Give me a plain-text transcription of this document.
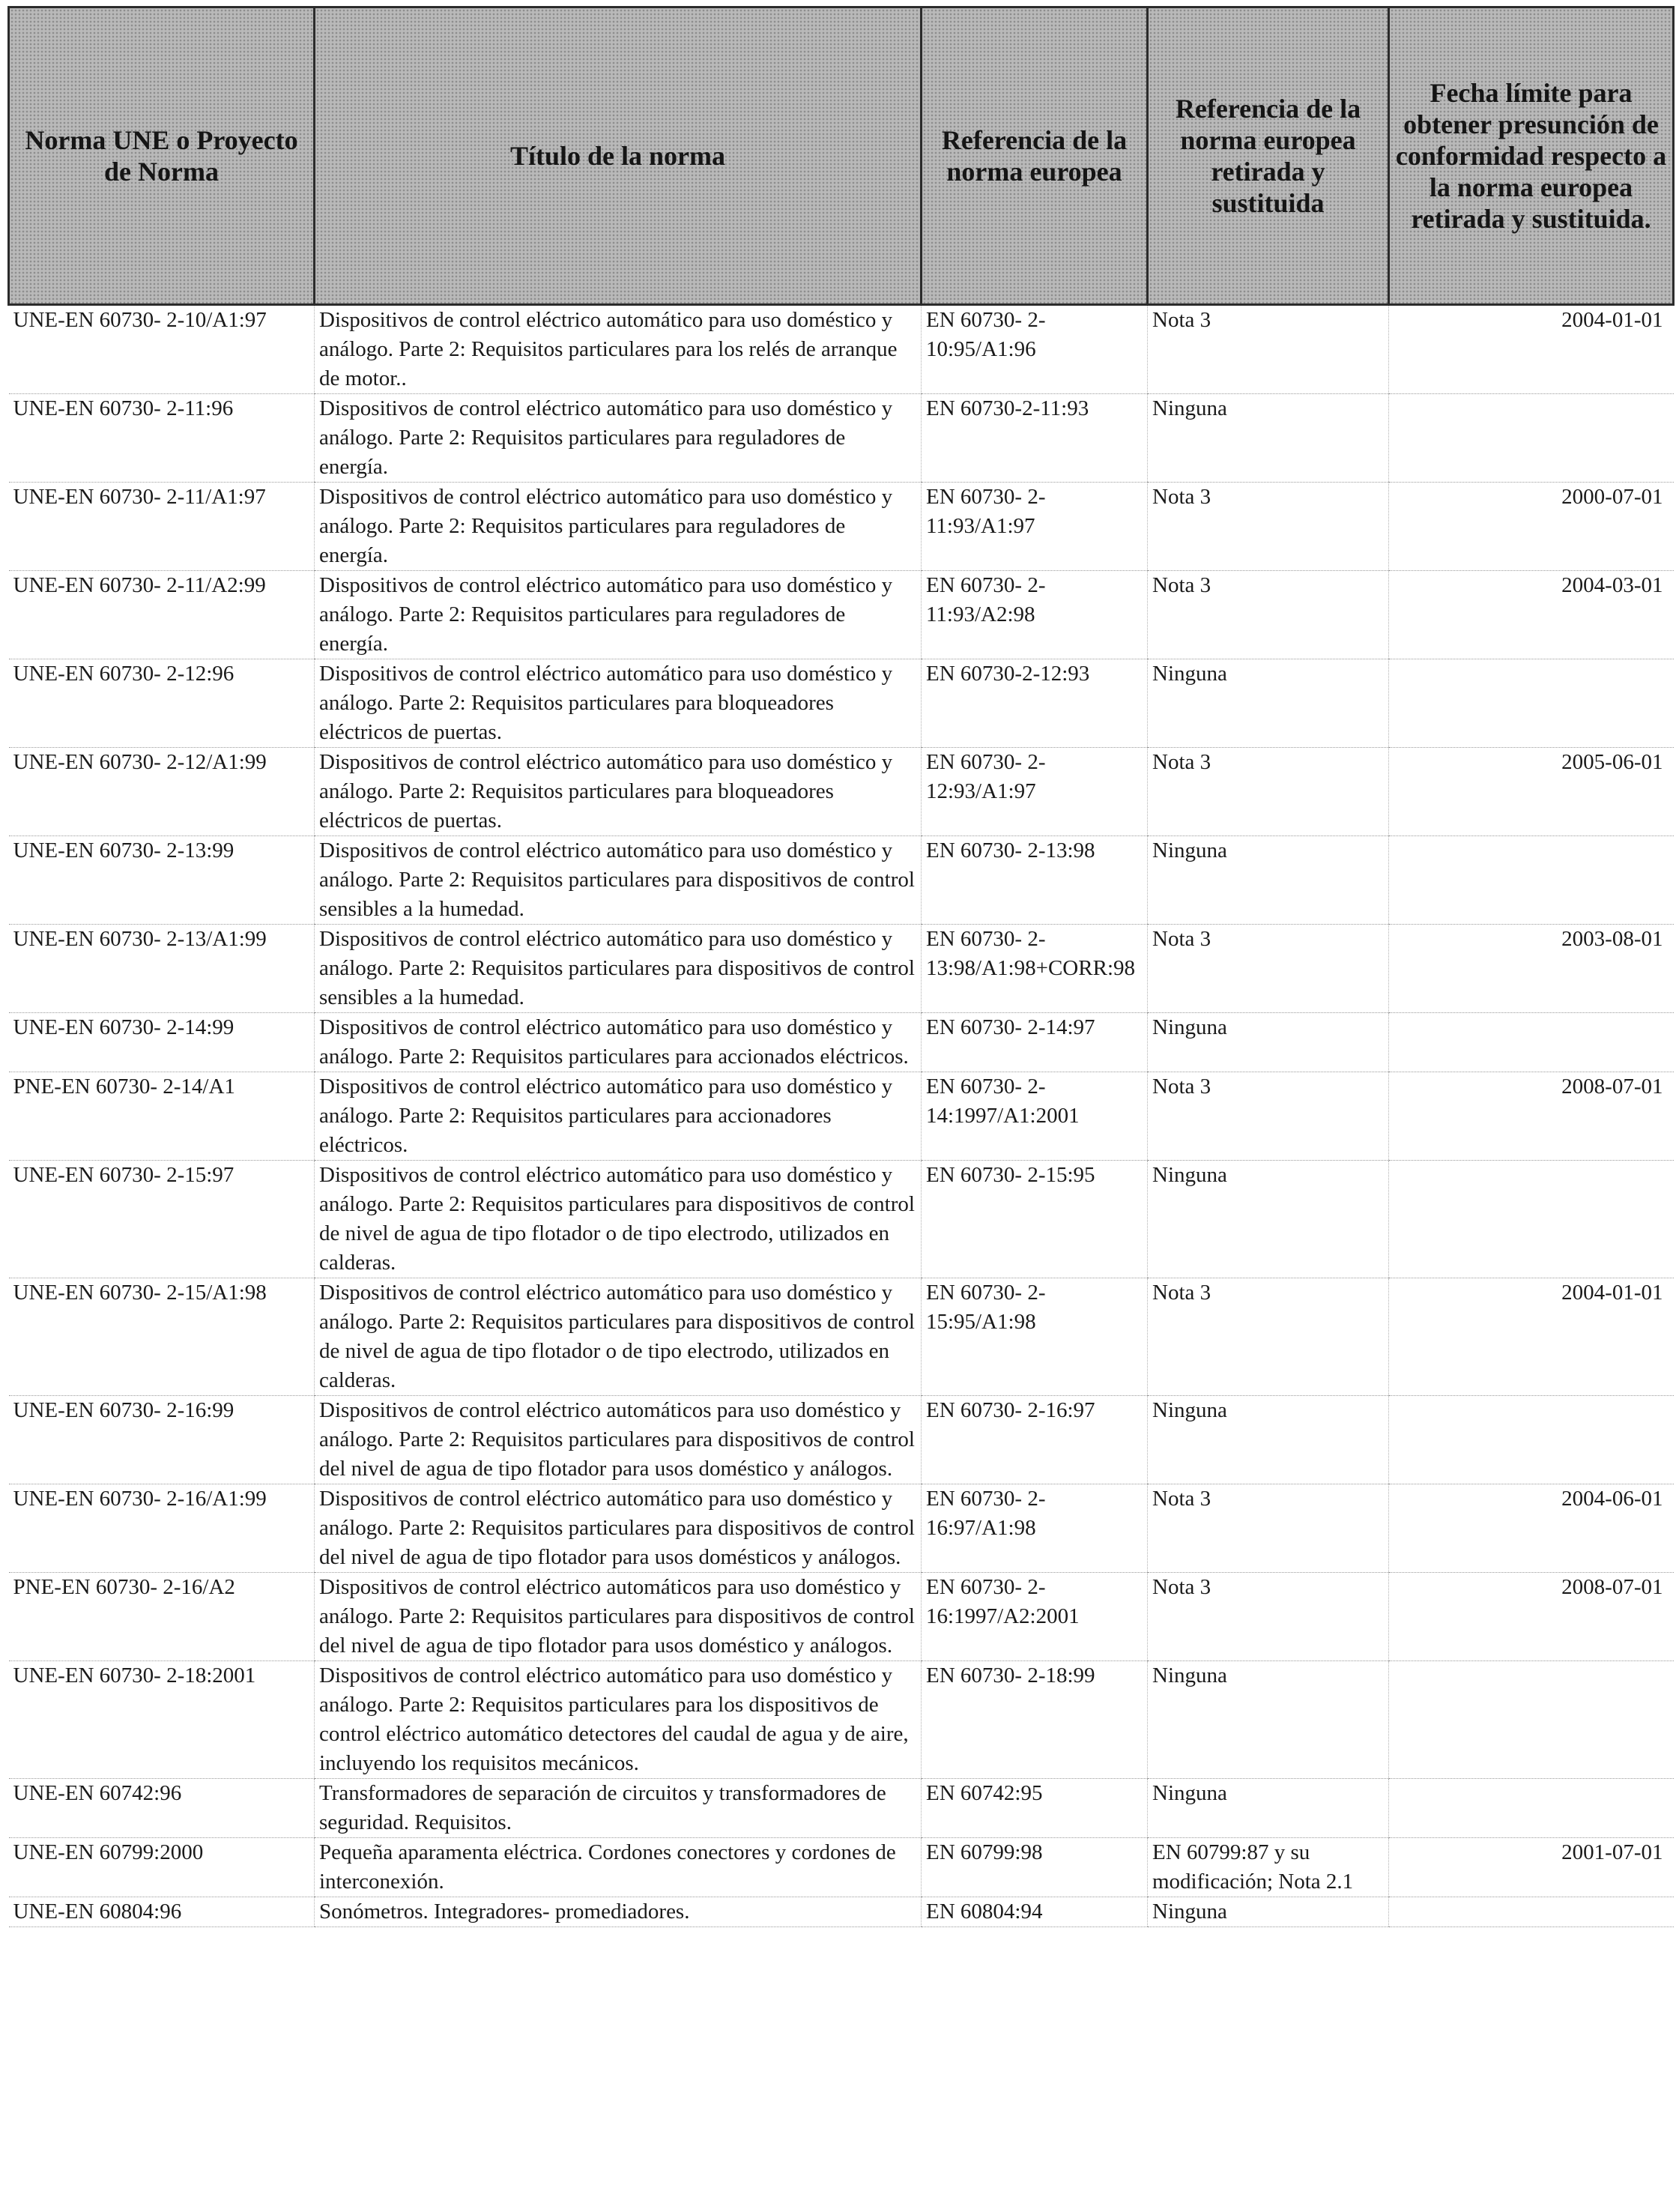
Norma UNE o Proyecto de Norma	Título de la norma	Referencia de la norma europea	Referencia de la norma europea retirada y sustituida	Fecha límite para obtener presunción de conformidad respecto a la norma europea retirada y sustituida.
UNE-EN 60730- 2-10/A1:97	Dispositivos de control eléctrico automático para uso doméstico y análogo. Parte 2: Requisitos particulares para los relés de arranque de motor..	EN 60730- 2-10:95/A1:96	Nota 3	2004-01-01
UNE-EN 60730- 2-11:96	Dispositivos de control eléctrico automático para uso doméstico y análogo. Parte 2: Requisitos particulares para reguladores de energía.	EN 60730-2-11:93	Ninguna	
UNE-EN 60730- 2-11/A1:97	Dispositivos de control eléctrico automático para uso doméstico y análogo. Parte 2: Requisitos particulares para reguladores de energía.	EN 60730- 2-11:93/A1:97	Nota 3	2000-07-01
UNE-EN 60730- 2-11/A2:99	Dispositivos de control eléctrico automático para uso doméstico y análogo. Parte 2: Requisitos particulares para reguladores de energía.	EN 60730- 2-11:93/A2:98	Nota 3	2004-03-01
UNE-EN 60730- 2-12:96	Dispositivos de control eléctrico automático para uso doméstico y análogo. Parte 2: Requisitos particulares para bloqueadores eléctricos de puertas.	EN 60730-2-12:93	Ninguna	
UNE-EN 60730- 2-12/A1:99	Dispositivos de control eléctrico automático para uso doméstico y análogo. Parte 2: Requisitos particulares para bloqueadores eléctricos de puertas.	EN 60730- 2-12:93/A1:97	Nota 3	2005-06-01
UNE-EN 60730- 2-13:99	Dispositivos de control eléctrico automático para uso doméstico y análogo. Parte 2: Requisitos particulares para dispositivos de control sensibles a la humedad.	EN 60730- 2-13:98	Ninguna	
UNE-EN 60730- 2-13/A1:99	Dispositivos de control eléctrico automático para uso doméstico y análogo. Parte 2: Requisitos particulares para dispositivos de control sensibles a la humedad.	EN 60730- 2-13:98/A1:98+CORR:98	Nota 3	2003-08-01
UNE-EN 60730- 2-14:99	Dispositivos de control eléctrico automático para uso doméstico y análogo. Parte 2: Requisitos particulares para accionados eléctricos.	EN 60730- 2-14:97	Ninguna	
PNE-EN 60730- 2-14/A1	Dispositivos de control eléctrico automático para uso doméstico y análogo. Parte 2: Requisitos particulares para accionadores eléctricos.	EN 60730- 2-14:1997/A1:2001	Nota 3	2008-07-01
UNE-EN 60730- 2-15:97	Dispositivos de control eléctrico automático para uso doméstico y análogo. Parte 2: Requisitos particulares para dispositivos de control de nivel de agua de tipo flotador o de tipo electrodo, utilizados en calderas.	EN 60730- 2-15:95	Ninguna	
UNE-EN 60730- 2-15/A1:98	Dispositivos de control eléctrico automático para uso doméstico y análogo. Parte 2: Requisitos particulares para dispositivos de control de nivel de agua de tipo flotador o de tipo electrodo, utilizados en calderas.	EN 60730- 2-15:95/A1:98	Nota 3	2004-01-01
UNE-EN 60730- 2-16:99	Dispositivos de control eléctrico automáticos para uso doméstico y análogo. Parte 2: Requisitos particulares para dispositivos de control del nivel de agua de tipo flotador para usos doméstico y análogos.	EN 60730- 2-16:97	Ninguna	
UNE-EN 60730- 2-16/A1:99	Dispositivos de control eléctrico automático para uso doméstico y análogo. Parte 2: Requisitos particulares para dispositivos de control del nivel de agua de tipo flotador para usos domésticos y análogos.	EN 60730- 2-16:97/A1:98	Nota 3	2004-06-01
PNE-EN 60730- 2-16/A2	Dispositivos de control eléctrico automáticos para uso doméstico y análogo. Parte 2: Requisitos particulares para dispositivos de control del nivel de agua de tipo flotador para usos doméstico y análogos.	EN 60730- 2-16:1997/A2:2001	Nota 3	2008-07-01
UNE-EN 60730- 2-18:2001	Dispositivos de control eléctrico automático para uso doméstico y análogo. Parte 2: Requisitos particulares para los dispositivos de control eléctrico automático detectores del caudal de agua y de aire, incluyendo los requisitos mecánicos.	EN 60730- 2-18:99	Ninguna	
UNE-EN 60742:96	Transformadores de separación de circuitos y transformadores de seguridad. Requisitos.	EN 60742:95	Ninguna	
UNE-EN 60799:2000	Pequeña aparamenta eléctrica. Cordones conectores y cordones de interconexión.	EN 60799:98	EN 60799:87 y su modificación; Nota 2.1	2001-07-01
UNE-EN 60804:96	Sonómetros. Integradores- promediadores.	EN 60804:94	Ninguna	
